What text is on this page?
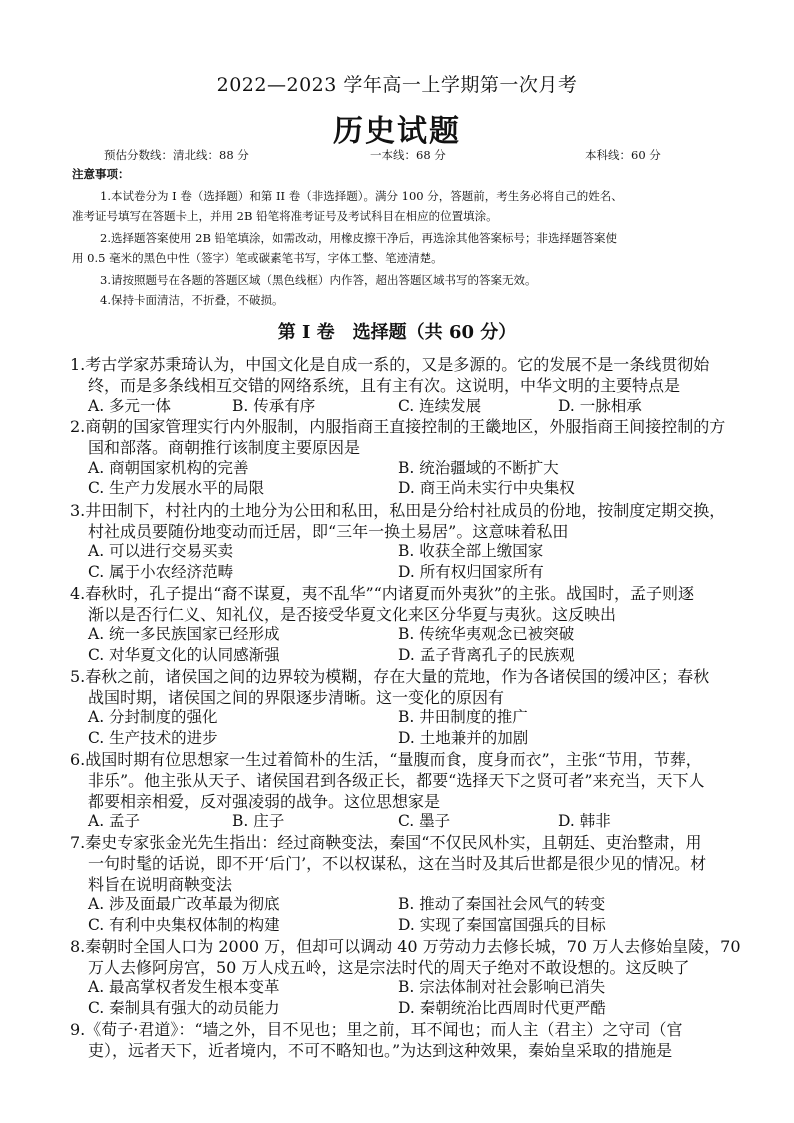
2022—2023 学年高一上学期第一次月考
历史试题
预估分数线：清北线：88 分	一本线：68 分	本科线：60 分
注意事项：
1.本试卷分为 I 卷（选择题）和第 II 卷（非选择题）。满分 100 分，答题前，考生务必将自己的姓名、
准考证号填写在答题卡上，并用 2B 铅笔将准考证号及考试科目在相应的位置填涂。
2.选择题答案使用 2B 铅笔填涂，如需改动，用橡皮擦干净后，再选涂其他答案标号；非选择题答案使
用 0.5 毫米的黑色中性（签字）笔或碳素笔书写，字体工整、笔迹清楚。
3.请按照题号在各题的答题区域（黑色线框）内作答，超出答题区域书写的答案无效。
4.保持卡面清洁，不折叠，不破损。
第 I 卷　选择题（共 60 分）
1.考古学家苏秉琦认为，中国文化是自成一系的，又是多源的。它的发展不是一条线贯彻始
终，而是多条线相互交错的网络系统，且有主有次。这说明，中华文明的主要特点是
A. 多元一体	B. 传承有序	C. 连续发展	D. 一脉相承
2.商朝的国家管理实行内外服制，内服指商王直接控制的王畿地区，外服指商王间接控制的方
国和部落。商朝推行该制度主要原因是
A. 商朝国家机构的完善	B. 统治疆域的不断扩大
C. 生产力发展水平的局限	D. 商王尚未实行中央集权
3.井田制下，村社内的土地分为公田和私田，私田是分给村社成员的份地，按制度定期交换，
村社成员要随份地变动而迁居，即“三年一换土易居”。这意味着私田
A. 可以进行交易买卖	B. 收获全部上缴国家
C. 属于小农经济范畴	D. 所有权归国家所有
4.春秋时，孔子提出“裔不谋夏，夷不乱华”“内诸夏而外夷狄”的主张。战国时，孟子则逐
渐以是否行仁义、知礼仪，是否接受华夏文化来区分华夏与夷狄。这反映出
A. 统一多民族国家已经形成	B. 传统华夷观念已被突破
C. 对华夏文化的认同感渐强	D. 孟子背离孔子的民族观
5.春秋之前，诸侯国之间的边界较为模糊，存在大量的荒地，作为各诸侯国的缓冲区；春秋
战国时期，诸侯国之间的界限逐步清晰。这一变化的原因有
A. 分封制度的强化	B. 井田制度的推广
C. 生产技术的进步	D. 土地兼并的加剧
6.战国时期有位思想家一生过着简朴的生活，“量腹而食，度身而衣”，主张“节用，节葬，
非乐”。他主张从天子、诸侯国君到各级正长，都要“选择天下之贤可者”来充当，天下人
都要相亲相爱，反对强凌弱的战争。这位思想家是
A. 孟子	B. 庄子	C. 墨子	D. 韩非
7.秦史专家张金光先生指出：经过商鞅变法，秦国“不仅民风朴实，且朝廷、吏治整肃，用
一句时髦的话说，即不开‘后门’，不以权谋私，这在当时及其后世都是很少见的情况。材
料旨在说明商鞅变法
A. 涉及面最广改革最为彻底	B. 推动了秦国社会风气的转变
C. 有利中央集权体制的构建	D. 实现了秦国富国强兵的目标
8.秦朝时全国人口为 2000 万，但却可以调动 40 万劳动力去修长城，70 万人去修始皇陵，70
万人去修阿房宫，50 万人戍五岭，这是宗法时代的周天子绝对不敢设想的。这反映了
A. 最高掌权者发生根本变革	B. 宗法体制对社会影响已消失
C. 秦制具有强大的动员能力	D. 秦朝统治比西周时代更严酷
9.《荀子·君道》：“墙之外，目不见也；里之前，耳不闻也；而人主（君主）之守司（官
吏），远者天下，近者境内，不可不略知也。”为达到这种效果，秦始皇采取的措施是
